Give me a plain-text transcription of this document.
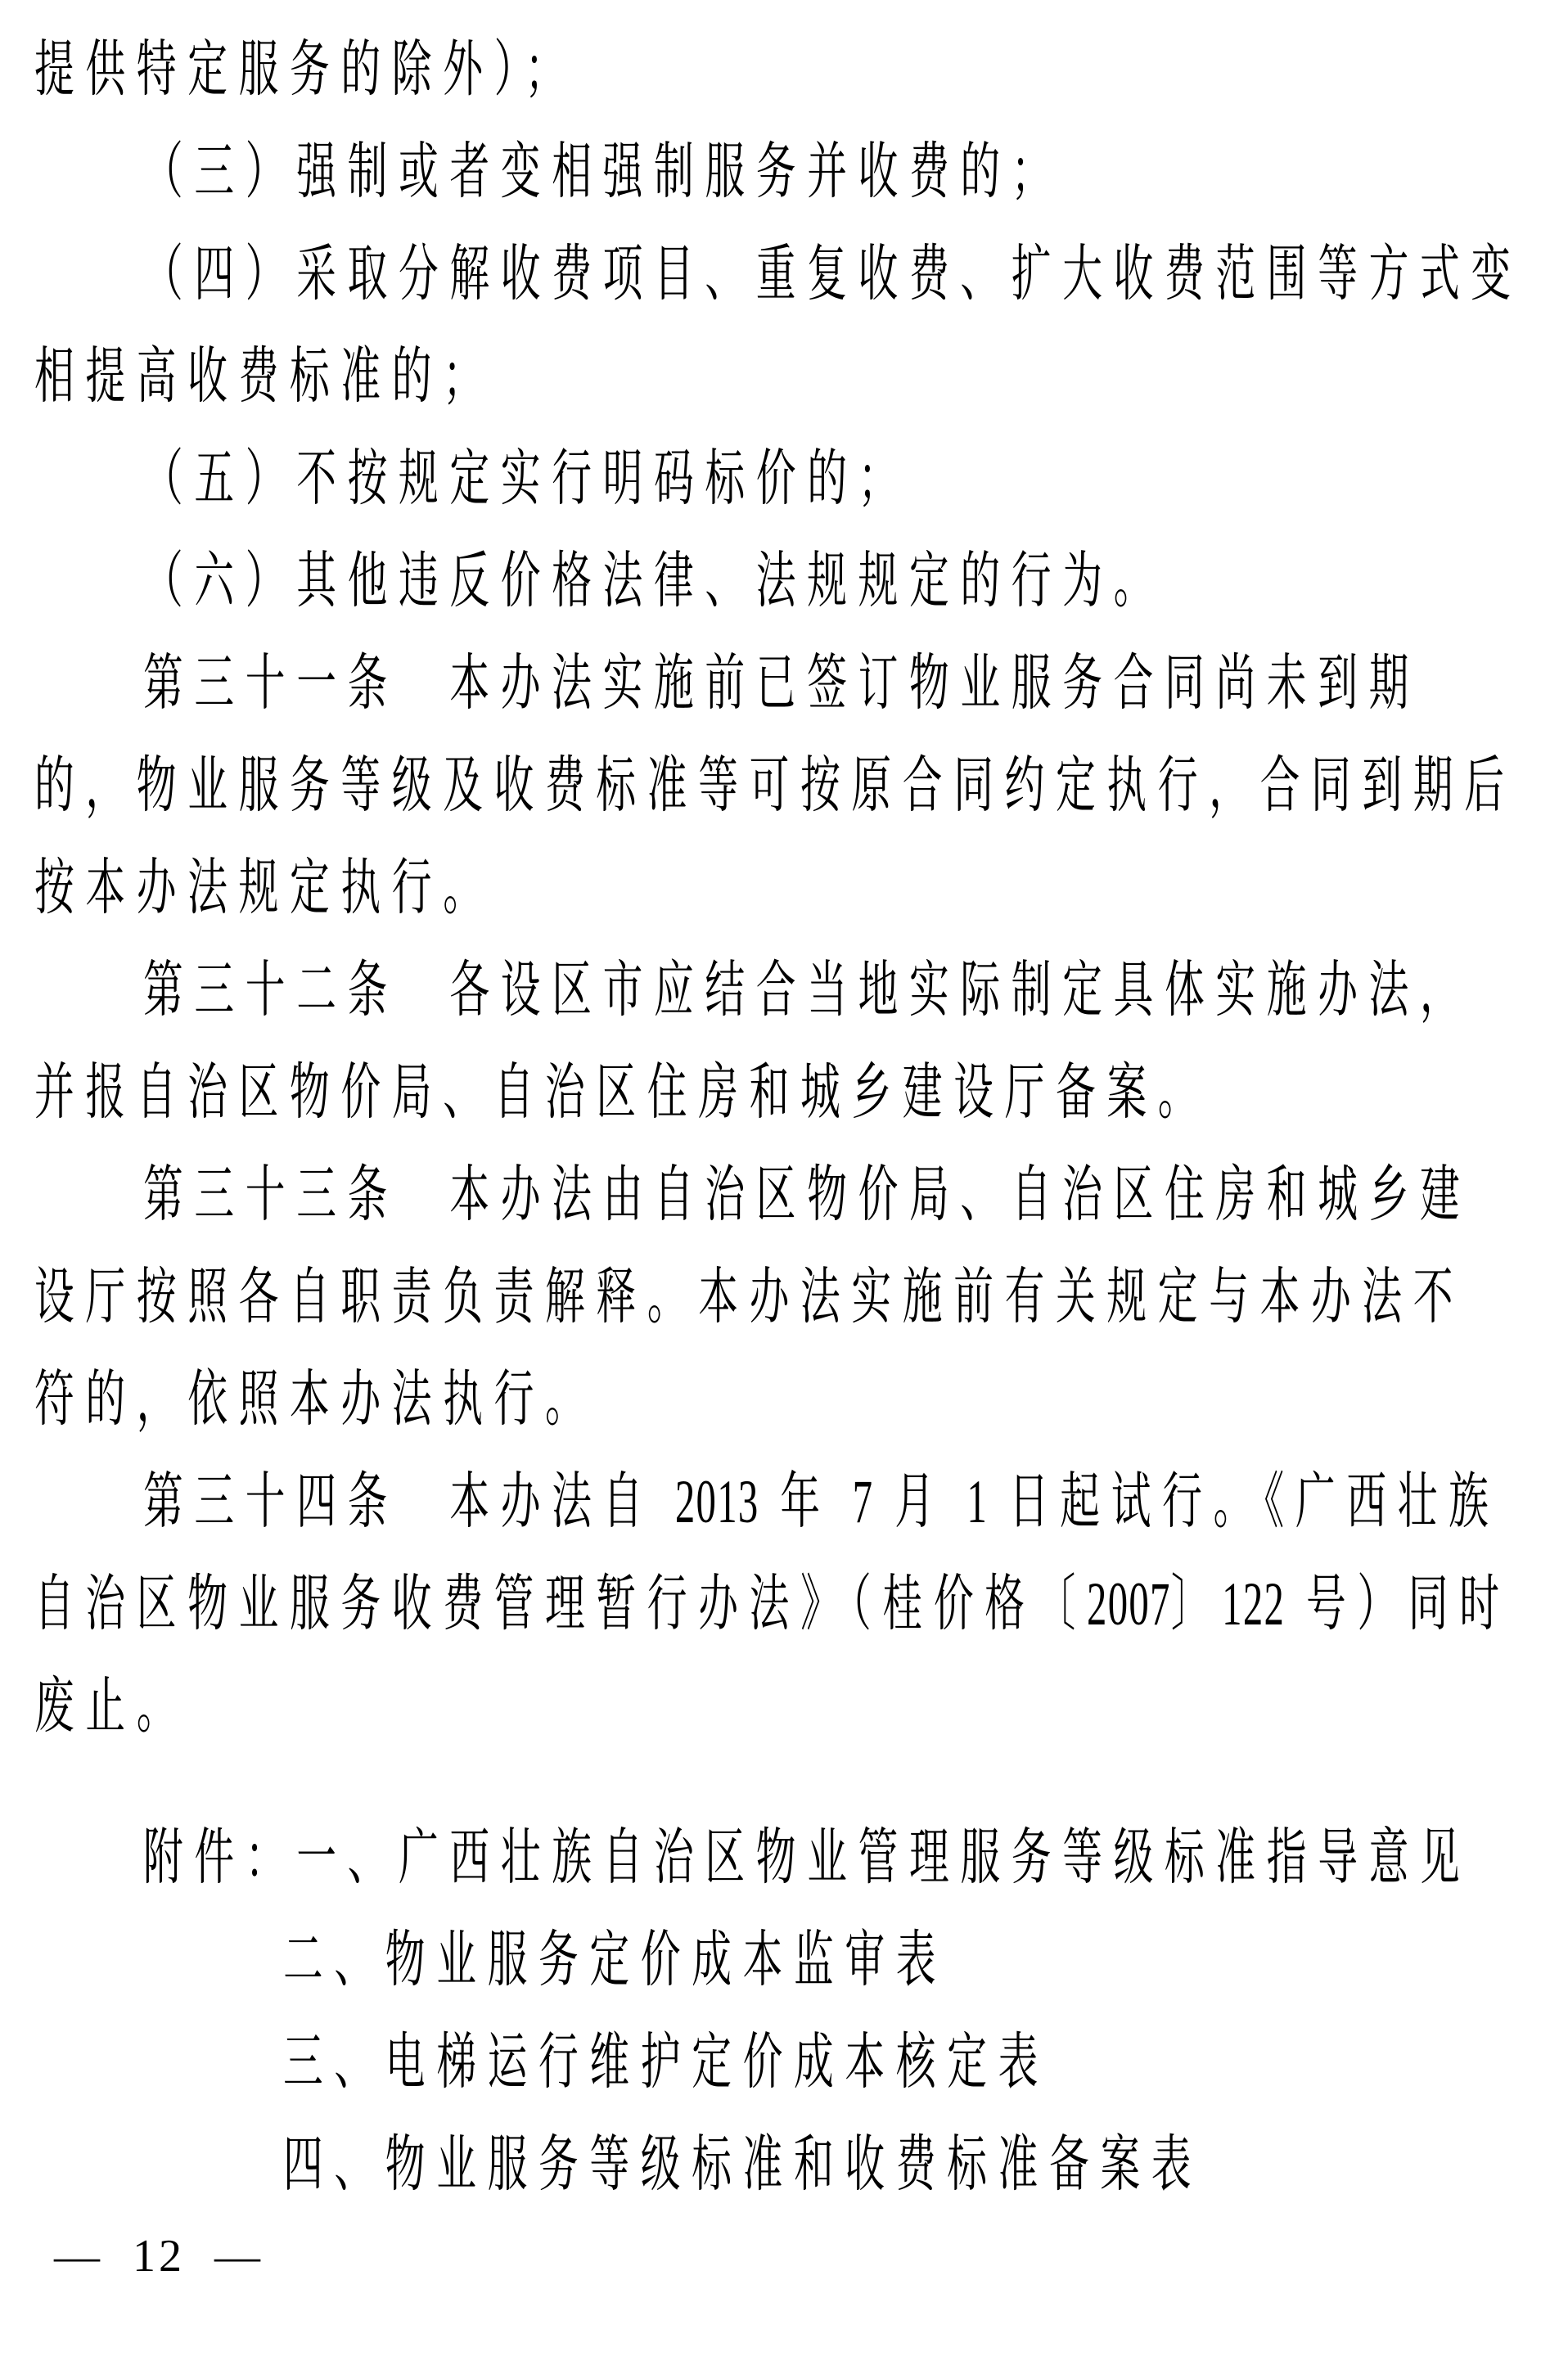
提供特定服务的除外）；
（三）强制或者变相强制服务并收费的；
（四）采取分解收费项目、重复收费、扩大收费范围等方式变
相提高收费标准的；
（五）不按规定实行明码标价的；
（六）其他违反价格法律、法规规定的行为。
第三十一条　本办法实施前已签订物业服务合同尚未到期
的，物业服务等级及收费标准等可按原合同约定执行，合同到期后
按本办法规定执行。
第三十二条　各设区市应结合当地实际制定具体实施办法，
并报自治区物价局、自治区住房和城乡建设厅备案。
第三十三条　本办法由自治区物价局、自治区住房和城乡建
设厅按照各自职责负责解释。本办法实施前有关规定与本办法不
符的，依照本办法执行。
第三十四条　本办法自 2013 年 7 月 1 日起试行。《广西壮族
自治区物业服务收费管理暂行办法》（桂价格〔2007〕122 号）同时
废止。
附件：一、广西壮族自治区物业管理服务等级标准指导意见
二、物业服务定价成本监审表
三、电梯运行维护定价成本核定表
四、物业服务等级标准和收费标准备案表
— 12 —
